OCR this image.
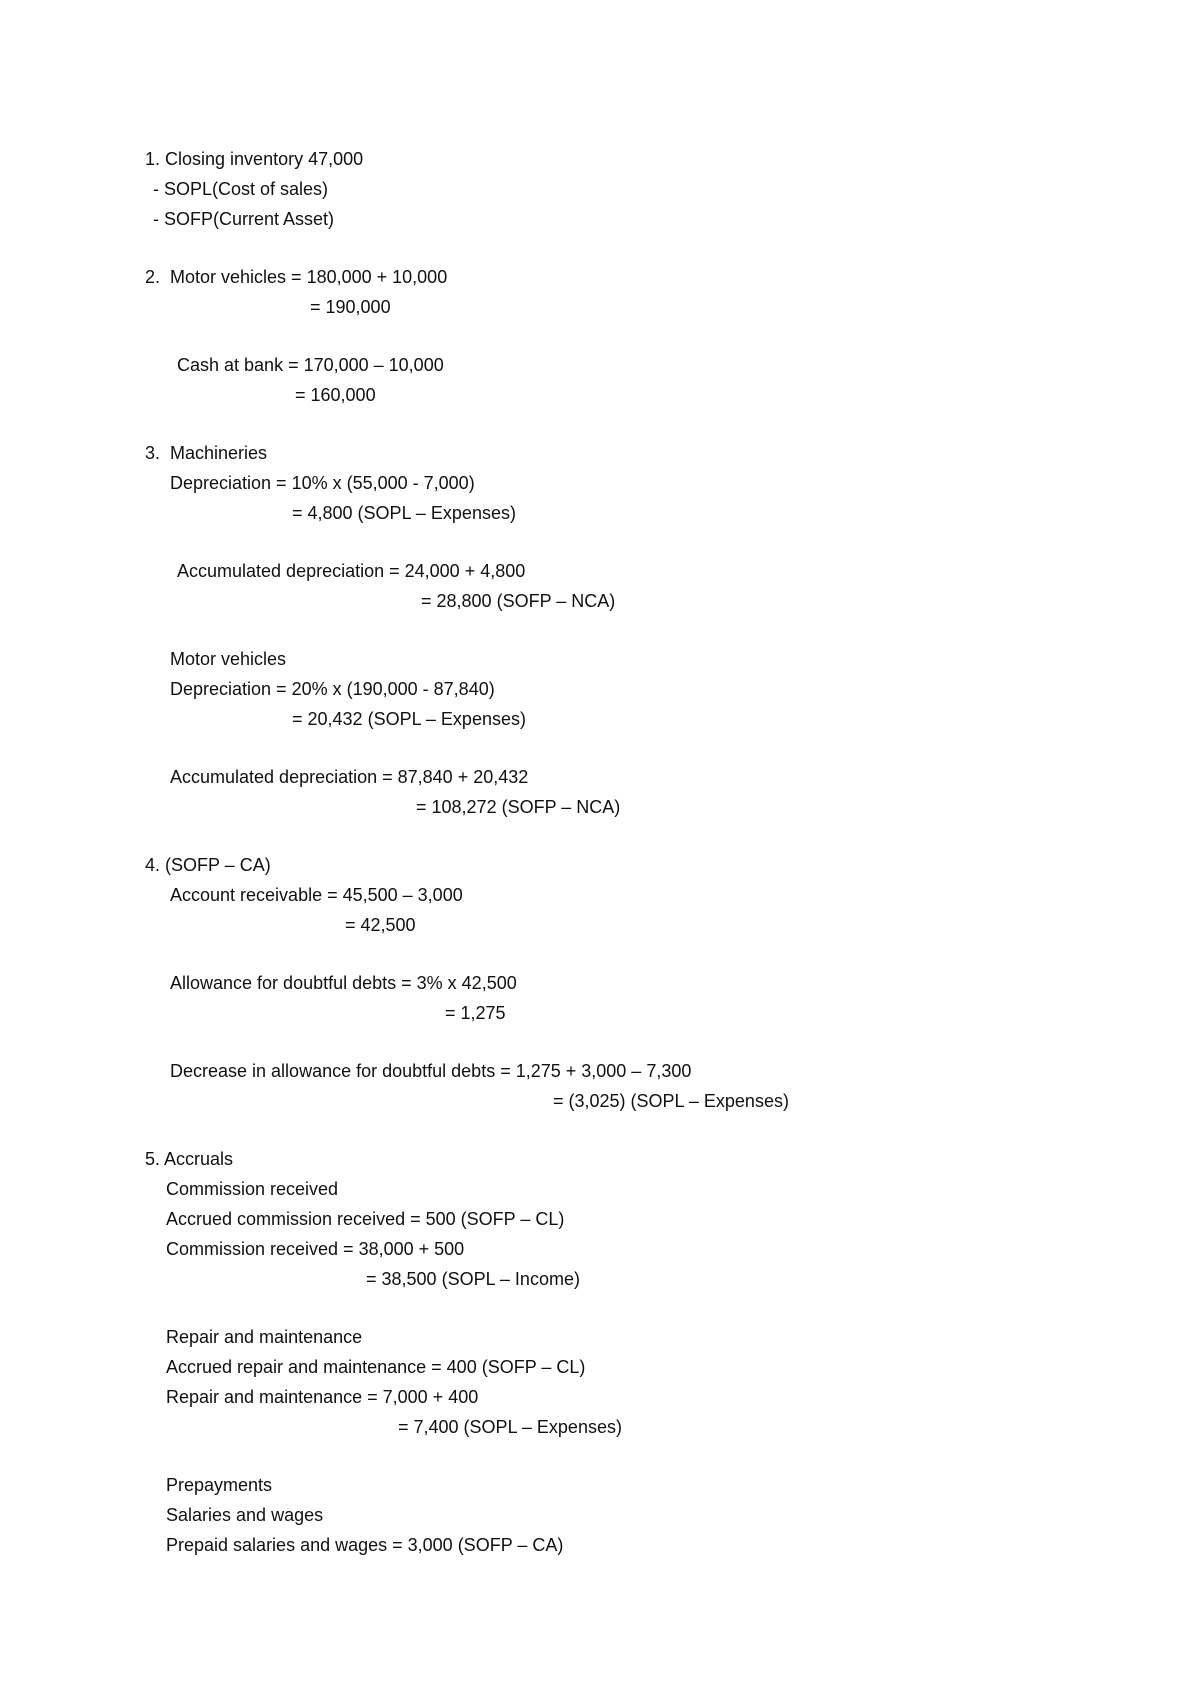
1. Closing inventory 47,000
- SOPL(Cost of sales)
- SOFP(Current Asset)
2.  Motor vehicles = 180,000 + 10,000
= 190,000
Cash at bank = 170,000 – 10,000
= 160,000
3.  Machineries
Depreciation = 10% x (55,000 - 7,000)
= 4,800 (SOPL – Expenses)
Accumulated depreciation = 24,000 + 4,800
= 28,800 (SOFP – NCA)
Motor vehicles
Depreciation = 20% x (190,000 - 87,840)
= 20,432 (SOPL – Expenses)
Accumulated depreciation = 87,840 + 20,432
= 108,272 (SOFP – NCA)
4. (SOFP – CA)
Account receivable = 45,500 – 3,000
= 42,500
Allowance for doubtful debts = 3% x 42,500
= 1,275
Decrease in allowance for doubtful debts = 1,275 + 3,000 – 7,300
= (3,025) (SOPL – Expenses)
5. Accruals
Commission received
Accrued commission received = 500 (SOFP – CL)
Commission received = 38,000 + 500
= 38,500 (SOPL – Income)
Repair and maintenance
Accrued repair and maintenance = 400 (SOFP – CL)
Repair and maintenance = 7,000 + 400
= 7,400 (SOPL – Expenses)
Prepayments
Salaries and wages
Prepaid salaries and wages = 3,000 (SOFP – CA)
